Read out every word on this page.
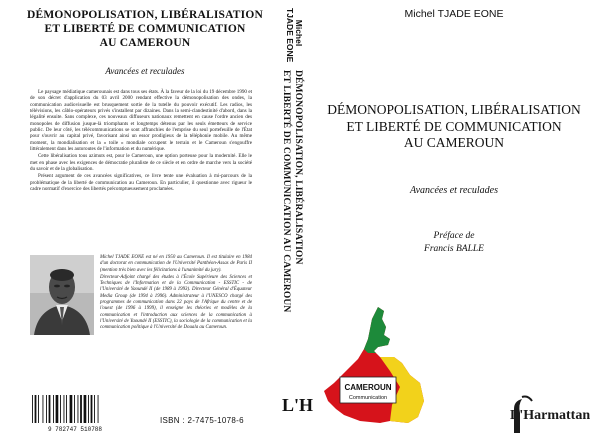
DÉMONOPOLISATION, LIBÉRALISATION
ET LIBERTÉ DE COMMUNICATION
AU CAMEROUN
Avancées et reculades

Le paysage médiatique camerounais est dans tous ses états. À la faveur de la loi du 19 décembre 1990 et de son décret d'application du 03 avril 2000 rendant effective la démonopolisation des ondes, la communication audiovisuelle est brusquement sortie de la tutelle du pouvoir exécutif. Les radios, les télévisions, les câblo-opérateurs privés s'installent par dizaines. Dans la semi-clandestinité d'abord, dans la légalité ensuite. Sans complexe, ces nouveaux diffuseurs nationaux remettent en cause l'ordre ancien des monopoles de diffusion jusque-là triomphants et longtemps détenus par les seuls émetteurs de service public. De leur côté, les télécommunications se sont affranchies de l'emprise du seul portefeuille de l'État pour s'ouvrir au capital privé, favorisant ainsi un essor prodigieux de la téléphonie mobile. Au même moment, la mondialisation et la « toile » mondiale occupent le terrain et le Cameroun s'engouffre littéralement dans les autoroutes de l'information et du numérique.

Cette libéralisation tous azimuts est, pour le Cameroun, une option porteuse pour la modernité. Elle le met en phase avec les exigences de démocratie pluraliste de ce siècle et en ordre de marche vers la société du savoir et de la globalisation.

Présent argument de ces avancées significatives, ce livre tente une évaluation à mi-parcours de la problématique de la liberté de communication au Cameroun. En particulier, il questionne avec rigueur le cadre normatif d'exercice des libertés précomptueusement proclamées.

Michel TJADE EONE est né en 1950 au Cameroun. Il est titulaire en 1984 d'un doctorat en communication de l'Université Panthéon-Assas de Paris II (mention très bien avec les félicitations à l'unanimité du jury).

Directeur-Adjoint chargé des études à l'École Supérieure des Sciences et Techniques de l'Information et de la Communication - ESSTIC - de l'Université de Yaoundé II (de 1989 à 1993). Directeur Général d'Équateur Media Group (de 1994 à 1996). Administrateur à l'UNESCO chargé des programmes de communication dans 22 pays de l'Afrique du centre et de l'ouest (de 1996 à 1999), il enseigne les théories et modèles de la communication et l'introduction aux sciences de la communication à l'Université de Yaoundé II (ESSTIC), la sociologie de la communication et la communication politique à l'Université de Douala au Cameroun.

9 782747 510788
ISBN : 2-7475-1078-6
Michel
TJADE EONE
DÉMONOPOLISATION, LIBÉRALISATION
ET LIBERTÉ DE COMMUNICATION AU CAMEROUN
L'H
Michel TJADE EONE
DÉMONOPOLISATION, LIBÉRALISATION
ET LIBERTÉ DE COMMUNICATION
AU CAMEROUN
Avancées et reculades
Préface de
Francis BALLE
CAMEROUN
Communication
L'Harmattan
